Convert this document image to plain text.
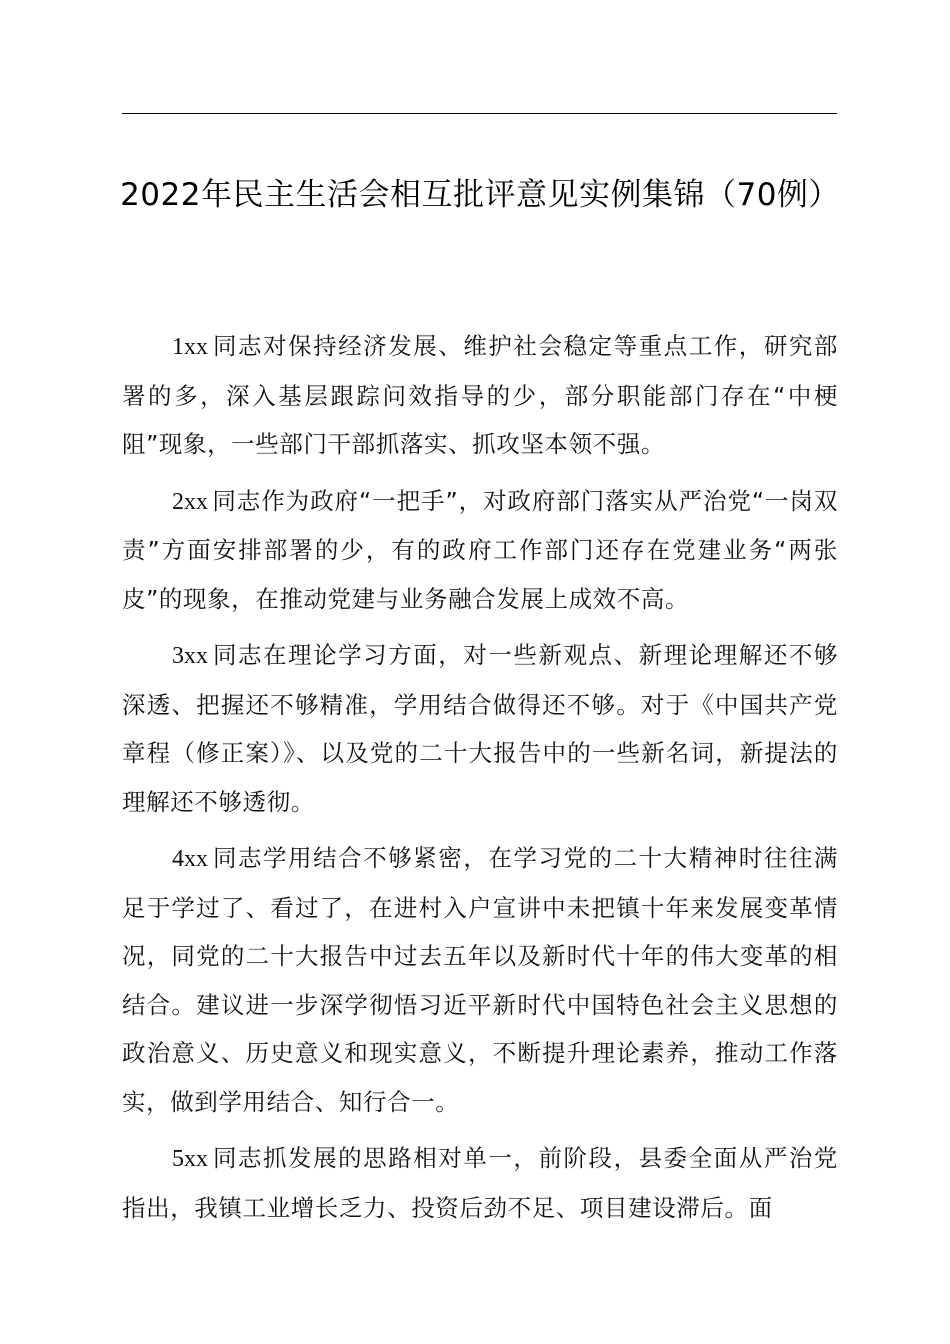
2022年民主生活会相互批评意见实例集锦（70例）

1xx 同志对保持经济发展、维护社会稳定等重点工作，研究部署的多，深入基层跟踪问效指导的少，部分职能部门存在“中梗阻”现象，一些部门干部抓落实、抓攻坚本领不强。

2xx 同志作为政府“一把手”，对政府部门落实从严治党“一岗双责”方面安排部署的少，有的政府工作部门还存在党建业务“两张皮”的现象，在推动党建与业务融合发展上成效不高。

3xx 同志在理论学习方面，对一些新观点、新理论理解还不够深透、把握还不够精准，学用结合做得还不够。对于《中国共产党章程（修正案）》、以及党的二十大报告中的一些新名词，新提法的理解还不够透彻。

4xx 同志学用结合不够紧密，在学习党的二十大精神时往往满足于学过了、看过了，在进村入户宣讲中未把镇十年来发展变革情况，同党的二十大报告中过去五年以及新时代十年的伟大变革的相结合。建议进一步深学彻悟习近平新时代中国特色社会主义思想的政治意义、历史意义和现实意义，不断提升理论素养，推动工作落实，做到学用结合、知行合一。

5xx 同志抓发展的思路相对单一，前阶段，县委全面从严治党指出，我镇工业增长乏力、投资后劲不足、项目建设滞后。面
